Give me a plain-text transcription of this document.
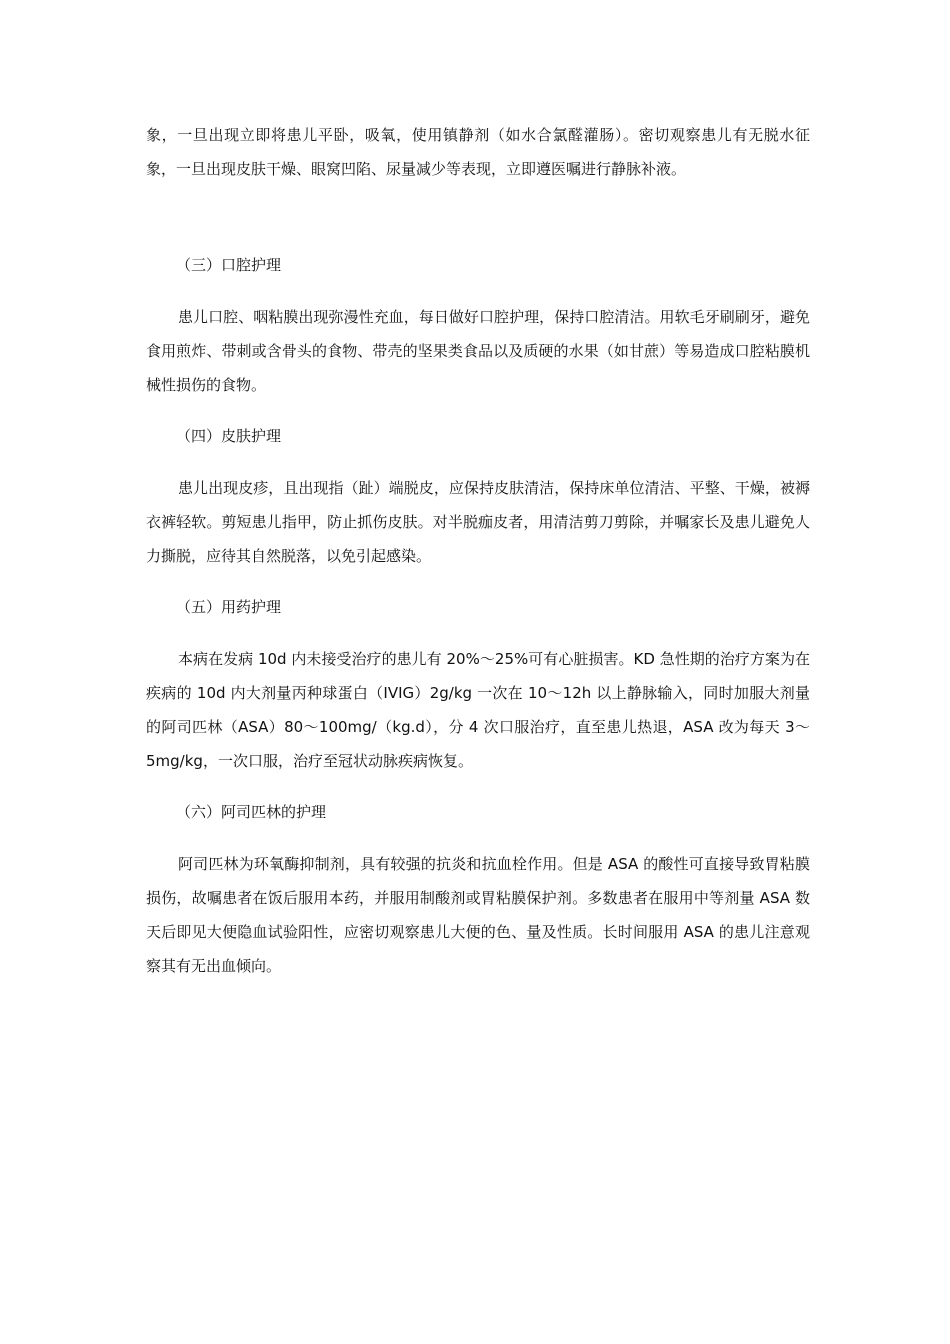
象，一旦出现立即将患儿平卧，吸氧，使用镇静剂（如水合氯醛灌肠）。密切观察患儿有无脱水征象，一旦出现皮肤干燥、眼窝凹陷、尿量减少等表现，立即遵医嘱进行静脉补液。

（三）口腔护理

患儿口腔、咽粘膜出现弥漫性充血，每日做好口腔护理，保持口腔清洁。用软毛牙刷刷牙，避免食用煎炸、带刺或含骨头的食物、带壳的坚果类食品以及质硬的水果（如甘蔗）等易造成口腔粘膜机械性损伤的食物。

（四）皮肤护理

患儿出现皮疹，且出现指（趾）端脱皮，应保持皮肤清洁，保持床单位清洁、平整、干燥，被褥衣裤轻软。剪短患儿指甲，防止抓伤皮肤。对半脱痂皮者，用清洁剪刀剪除，并嘱家长及患儿避免人力撕脱，应待其自然脱落，以免引起感染。

（五）用药护理

本病在发病 10d 内未接受治疗的患儿有 20%～25%可有心脏损害。KD 急性期的治疗方案为在疾病的 10d 内大剂量丙种球蛋白（IVIG）2g/kg 一次在 10～12h 以上静脉输入，同时加服大剂量的阿司匹林（ASA）80～100mg/（kg.d），分 4 次口服治疗，直至患儿热退，ASA 改为每天 3～5mg/kg，一次口服，治疗至冠状动脉疾病恢复。

（六）阿司匹林的护理

阿司匹林为环氧酶抑制剂，具有较强的抗炎和抗血栓作用。但是 ASA 的酸性可直接导致胃粘膜损伤，故嘱患者在饭后服用本药，并服用制酸剂或胃粘膜保护剂。多数患者在服用中等剂量 ASA 数天后即见大便隐血试验阳性，应密切观察患儿大便的色、量及性质。长时间服用 ASA 的患儿注意观察其有无出血倾向。
